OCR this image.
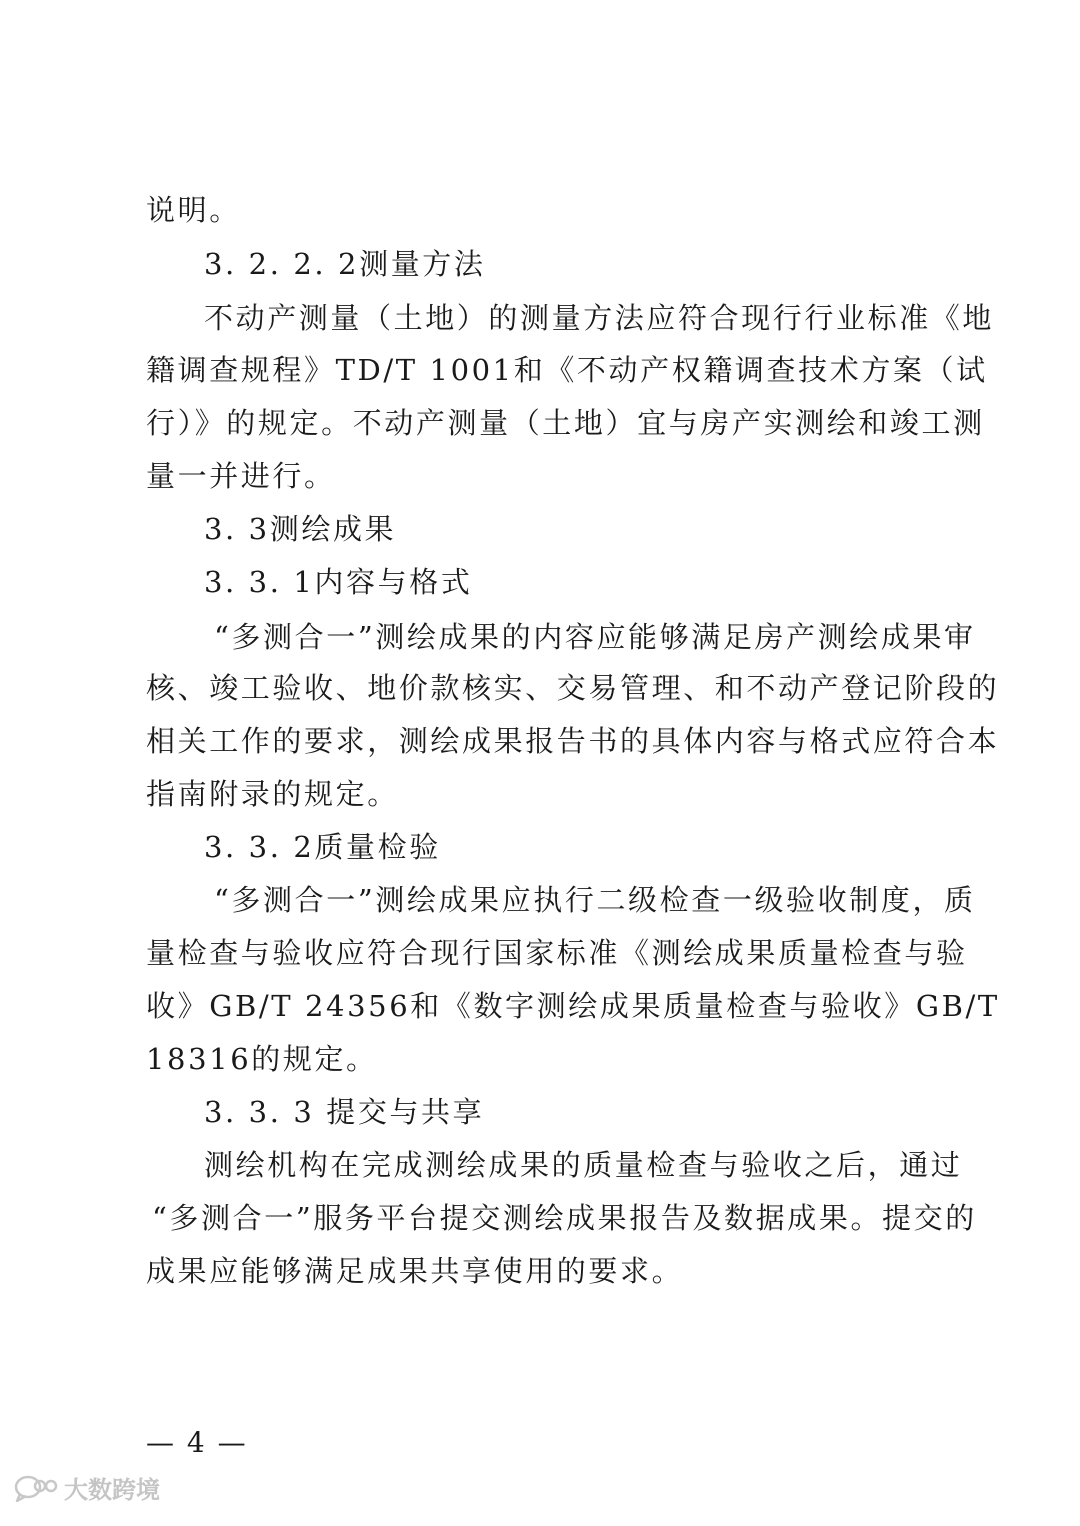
说明。
3. 2. 2. 2测量方法
不动产测量（土地）的测量方法应符合现行行业标准《地
籍调查规程》TD/T 1001和《不动产权籍调查技术方案（试
行）》的规定。不动产测量（土地）宜与房产实测绘和竣工测
量一并进行。
3. 3测绘成果
3. 3. 1内容与格式
“多测合一”测绘成果的内容应能够满足房产测绘成果审
核、竣工验收、地价款核实、交易管理、和不动产登记阶段的
相关工作的要求，测绘成果报告书的具体内容与格式应符合本
指南附录的规定。
3. 3. 2质量检验
“多测合一”测绘成果应执行二级检查一级验收制度，质
量检查与验收应符合现行国家标准《测绘成果质量检查与验
收》GB/T 24356和《数字测绘成果质量检查与验收》GB/T
18316的规定。
3. 3. 3 提交与共享
测绘机构在完成测绘成果的质量检查与验收之后，通过
“多测合一”服务平台提交测绘成果报告及数据成果。提交的
成果应能够满足成果共享使用的要求。
— 4 —
大数跨境
